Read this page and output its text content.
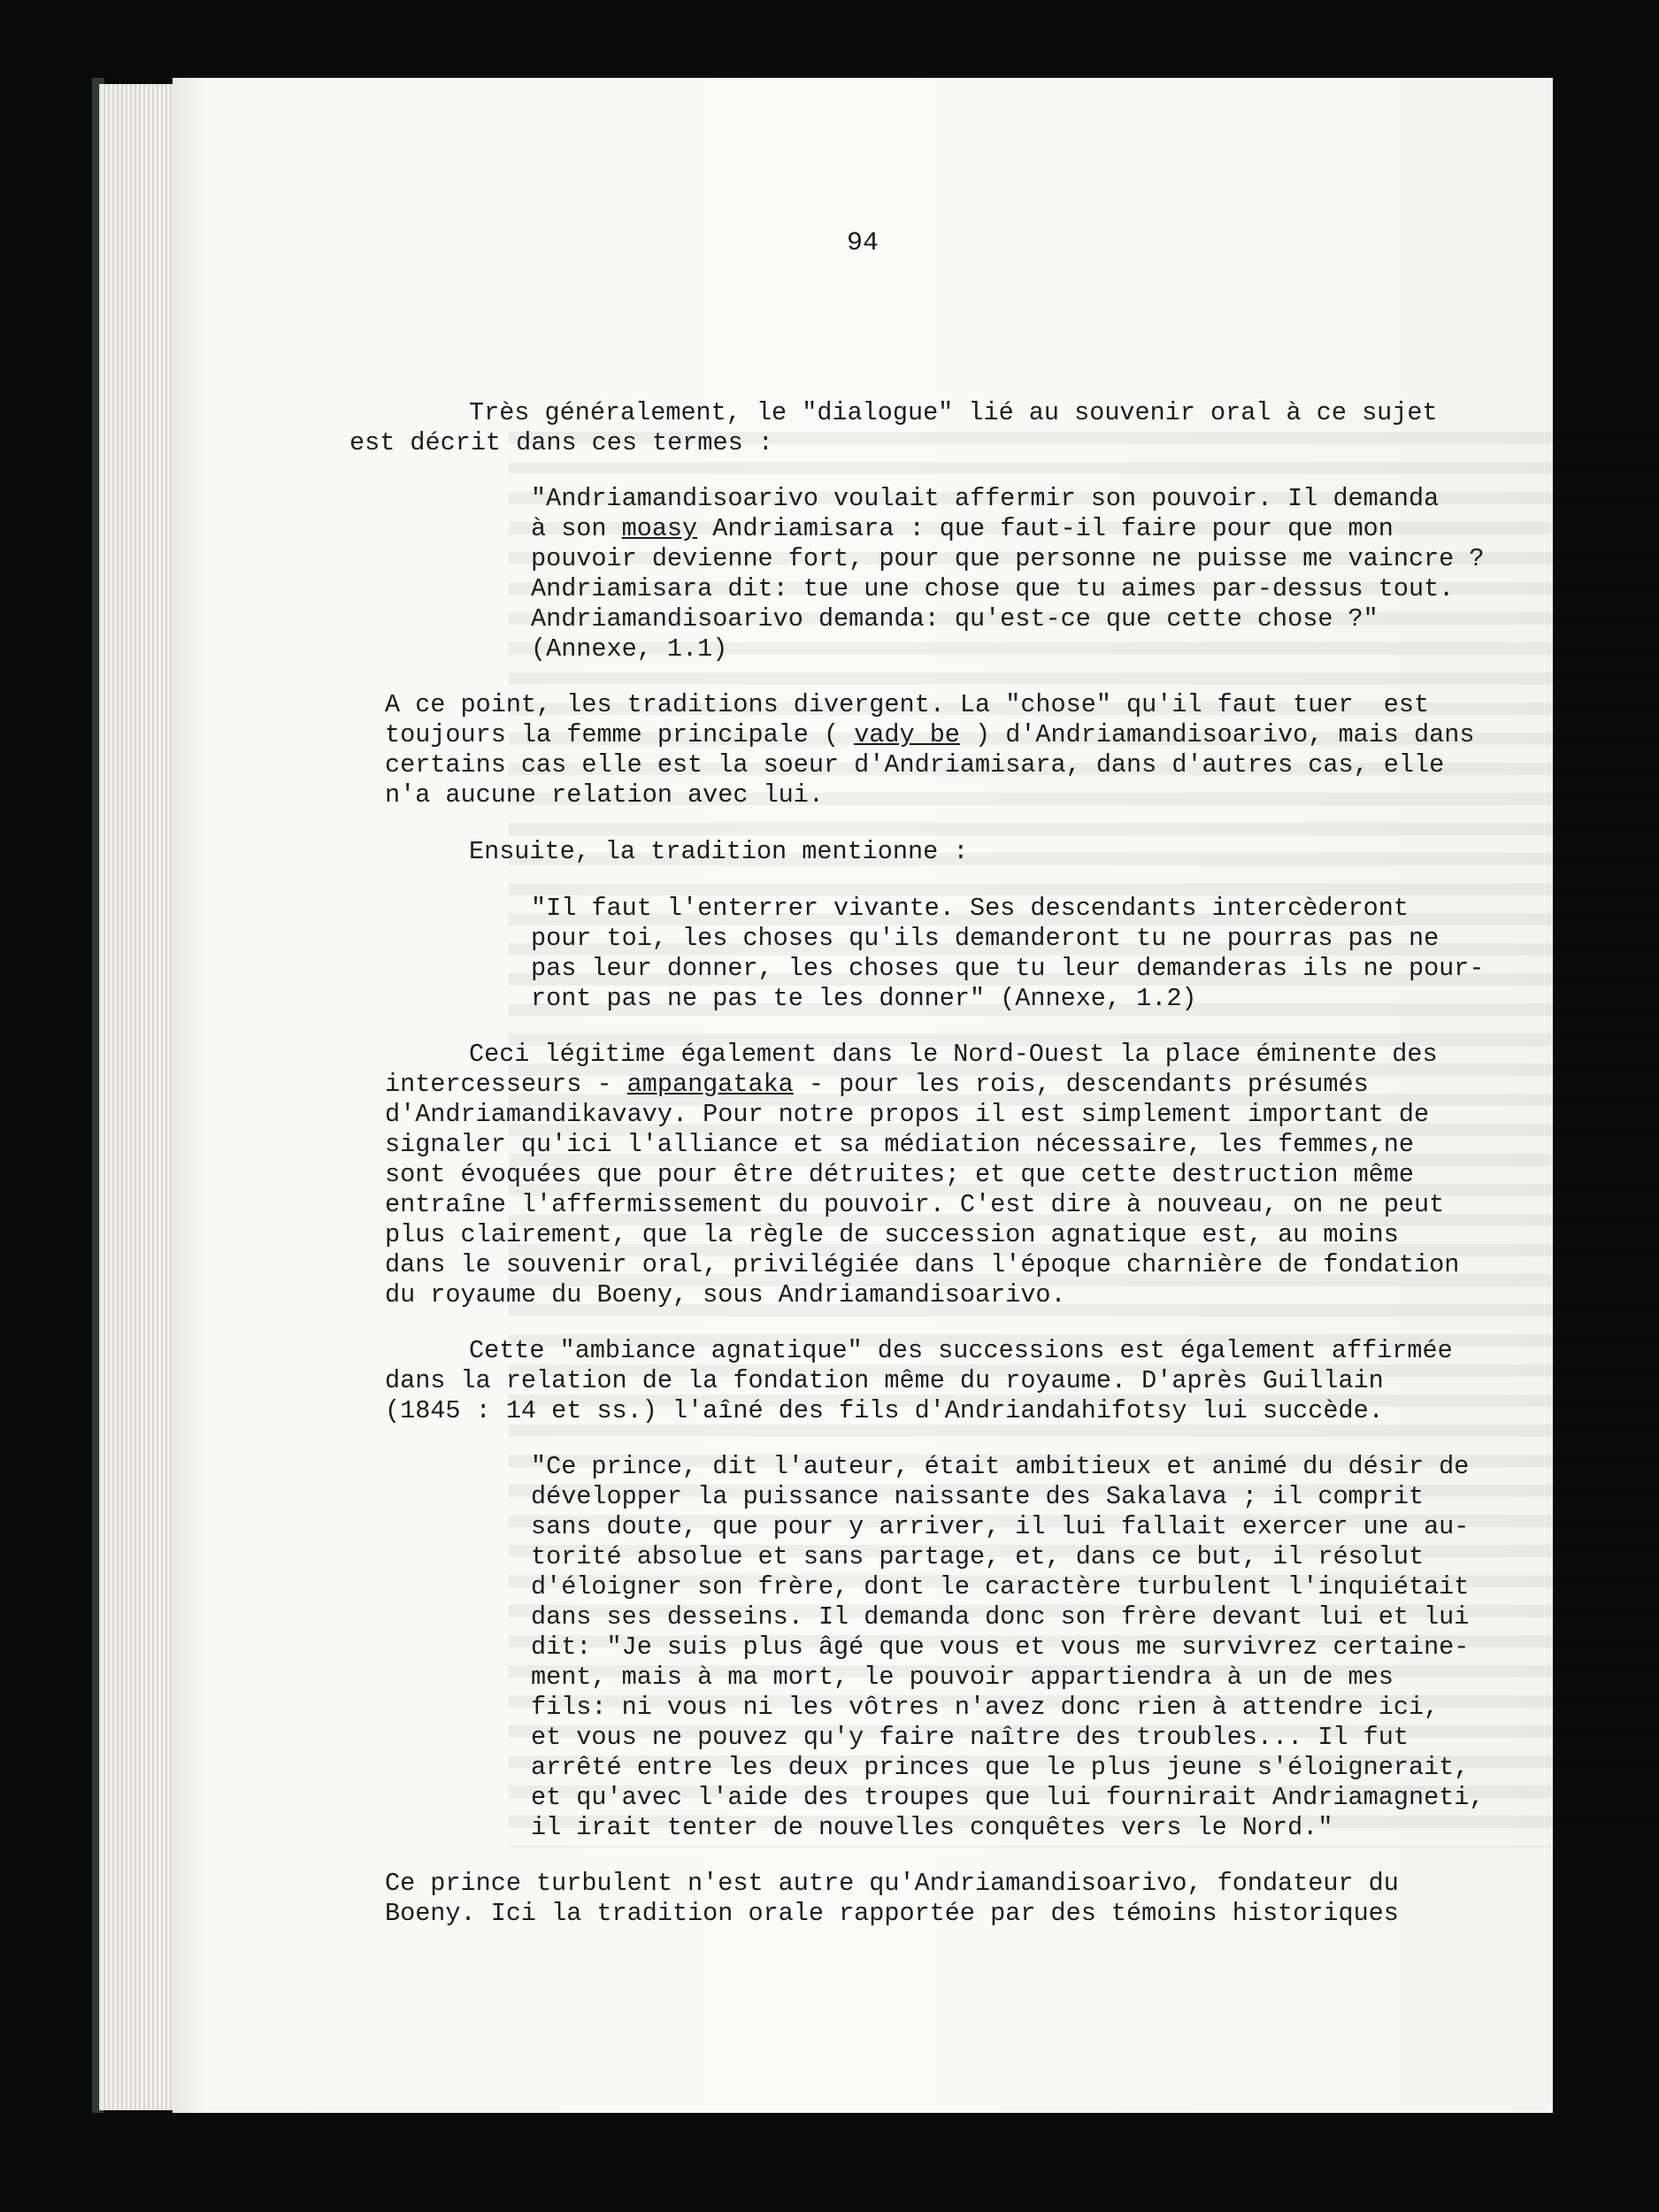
94
Très généralement, le "dialogue" lié au souvenir oral à ce sujet
est décrit dans ces termes :
"Andriamandisoarivo voulait affermir son pouvoir. Il demanda
à son moasy Andriamisara : que faut-il faire pour que mon
pouvoir devienne fort, pour que personne ne puisse me vaincre ?
Andriamisara dit: tue une chose que tu aimes par-dessus tout.
Andriamandisoarivo demanda: qu'est-ce que cette chose ?"
(Annexe, 1.1)
A ce point, les traditions divergent. La "chose" qu'il faut tuer  est
toujours la femme principale ( vady be ) d'Andriamandisoarivo, mais dans
certains cas elle est la soeur d'Andriamisara, dans d'autres cas, elle
n'a aucune relation avec lui.
Ensuite, la tradition mentionne :
"Il faut l'enterrer vivante. Ses descendants intercèderont
pour toi, les choses qu'ils demanderont tu ne pourras pas ne
pas leur donner, les choses que tu leur demanderas ils ne pour-
ront pas ne pas te les donner" (Annexe, 1.2)
Ceci légitime également dans le Nord-Ouest la place éminente des
intercesseurs - ampangataka - pour les rois, descendants présumés
d'Andriamandikavavy. Pour notre propos il est simplement important de
signaler qu'ici l'alliance et sa médiation nécessaire, les femmes,ne
sont évoquées que pour être détruites; et que cette destruction même
entraîne l'affermissement du pouvoir. C'est dire à nouveau, on ne peut
plus clairement, que la règle de succession agnatique est, au moins
dans le souvenir oral, privilégiée dans l'époque charnière de fondation
du royaume du Boeny, sous Andriamandisoarivo.
Cette "ambiance agnatique" des successions est également affirmée
dans la relation de la fondation même du royaume. D'après Guillain
(1845 : 14 et ss.) l'aîné des fils d'Andriandahifotsy lui succède.
"Ce prince, dit l'auteur, était ambitieux et animé du désir de
développer la puissance naissante des Sakalava ; il comprit
sans doute, que pour y arriver, il lui fallait exercer une au-
torité absolue et sans partage, et, dans ce but, il résolut
d'éloigner son frère, dont le caractère turbulent l'inquiétait
dans ses desseins. Il demanda donc son frère devant lui et lui
dit: "Je suis plus âgé que vous et vous me survivrez certaine-
ment, mais à ma mort, le pouvoir appartiendra à un de mes
fils: ni vous ni les vôtres n'avez donc rien à attendre ici,
et vous ne pouvez qu'y faire naître des troubles... Il fut
arrêté entre les deux princes que le plus jeune s'éloignerait,
et qu'avec l'aide des troupes que lui fournirait Andriamagneti,
il irait tenter de nouvelles conquêtes vers le Nord."
Ce prince turbulent n'est autre qu'Andriamandisoarivo, fondateur du
Boeny. Ici la tradition orale rapportée par des témoins historiques
